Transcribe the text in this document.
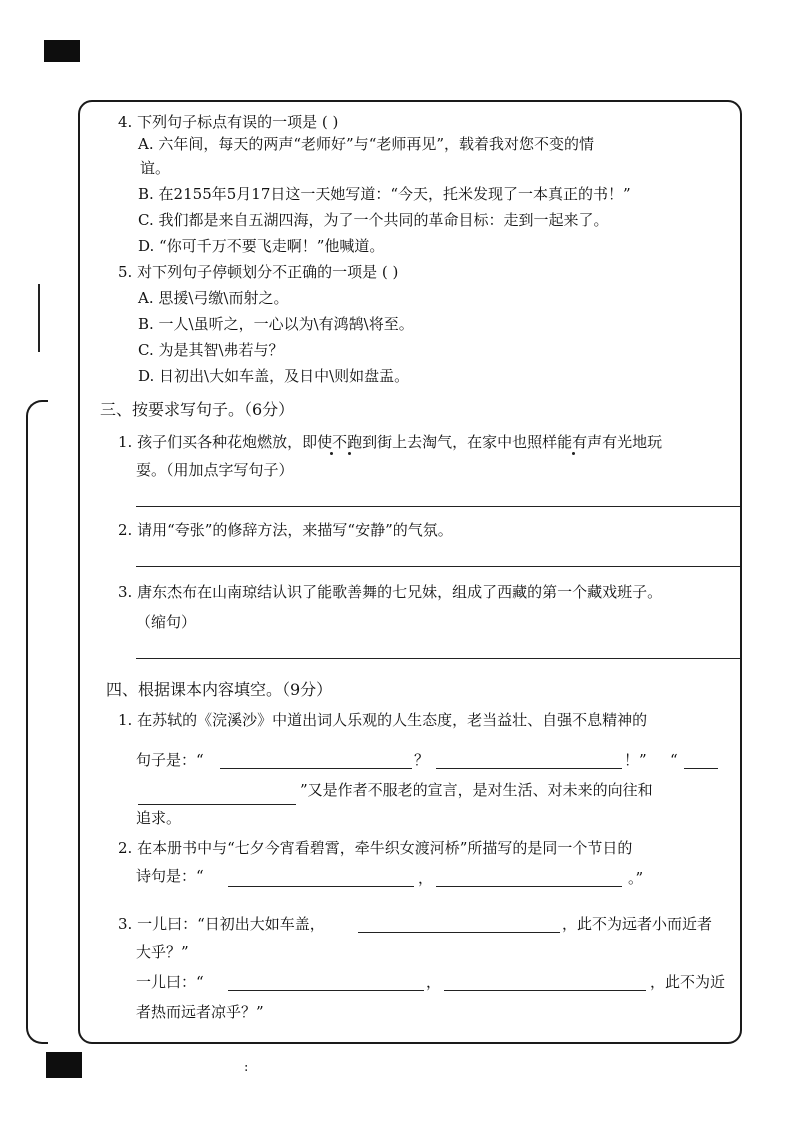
4. 下列句子标点有误的一项是 ( )
A. 六年间，每天的两声“老师好”与“老师再见”，载着我对您不变的情
谊。
B. 在2155年5月17日这一天她写道：“今天，托米发现了一本真正的书！”
C. 我们都是来自五湖四海，为了一个共同的革命目标：走到一起来了。
D. “你可千万不要飞走啊！”他喊道。
5. 对下列句子停顿划分不正确的一项是 ( )
A. 思援\弓缴\而射之。
B. 一人\虽听之，一心以为\有鸿鹄\将至。
C. 为是其智\弗若与？
D. 日初出\大如车盖，及日中\则如盘盂。
三、按要求写句子。（6分）
1. 孩子们买各种花炮燃放，即使不跑到街上去淘气，在家中也照样能有声有光地玩
耍。（用加点字写句子）
2. 请用“夸张”的修辞方法，来描写“安静”的气氛。
3. 唐东杰布在山南琼结认识了能歌善舞的七兄妹，组成了西藏的第一个藏戏班子。
（缩句）
四、根据课本内容填空。（9分）
1. 在苏轼的《浣溪沙》中道出词人乐观的人生态度，老当益壮、自强不息精神的
句子是：“	？	！” “
”又是作者不服老的宣言，是对生活、对未来的向往和
追求。
2. 在本册书中与“七夕今宵看碧霄，牵牛织女渡河桥”所描写的是同一个节日的
诗句是：“	，	。”
3. 一儿曰：“日初出大如车盖，	，此不为远者小而近者
大乎？”
一儿曰：“	，	，此不为近
者热而远者凉乎？”
:
